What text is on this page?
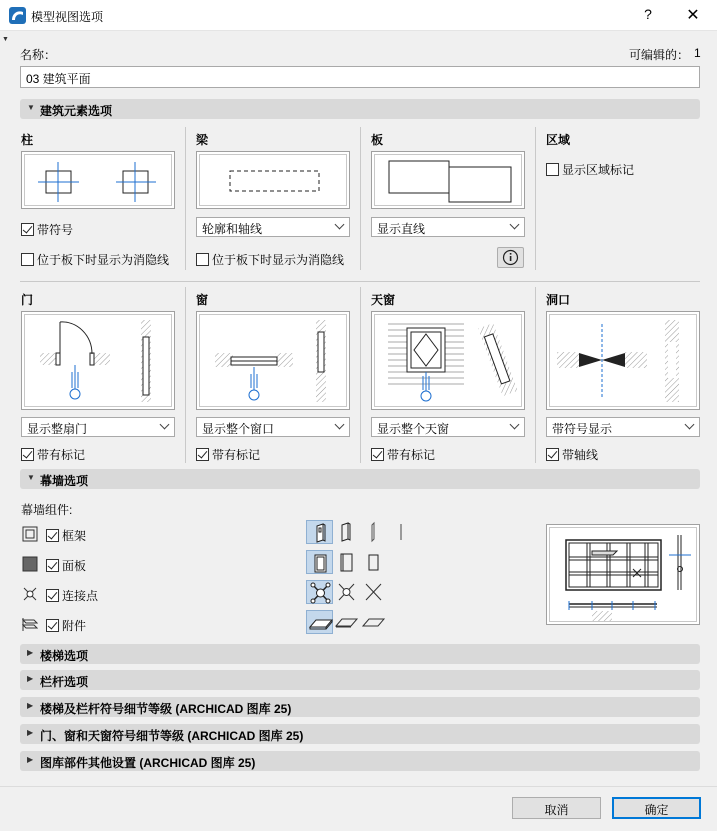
模型视图选项	?	✕
▼
名称：	可编辑的： 1
03 建筑平面
▼ 建筑元素选项
柱	梁	板	区域
带符号
位于板下时显示为消隐线
轮廓和轴线
位于板下时显示为消隐线
显示直线
显示区域标记
门	窗	天窗	洞口
显示整扇门
带有标记
显示整个窗口
带有标记
显示整个天窗
带有标记
带符号显示
带轴线
▼ 幕墙选项
幕墙组件:
框架
面板
连接点
附件
▶ 楼梯选项
▶ 栏杆选项
▶ 楼梯及栏杆符号细节等级 (ARCHICAD 图库 25)
▶ 门、窗和天窗符号细节等级 (ARCHICAD 图库 25)
▶ 图库部件其他设置 (ARCHICAD 图库 25)
取消	确定
